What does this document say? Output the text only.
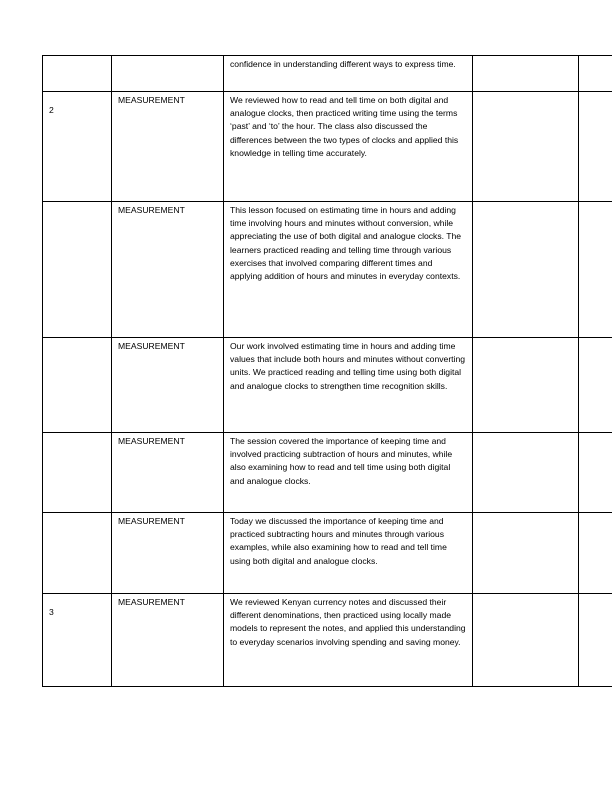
		confidence in understanding different ways to express time.		

2	MEASUREMENT	We reviewed how to read and tell time on both digital and analogue clocks, then practiced writing time using the terms ‘past’ and ‘to’ the hour. The class also discussed the differences between the two types of clocks and applied this knowledge in telling time accurately.		

	MEASUREMENT	This lesson focused on estimating time in hours and adding time involving hours and minutes without conversion, while appreciating the use of both digital and analogue clocks. The learners practiced reading and telling time through various exercises that involved comparing different times and applying addition of hours and minutes in everyday contexts.		

	MEASUREMENT	Our work involved estimating time in hours and adding time values that include both hours and minutes without converting units. We practiced reading and telling time using both digital and analogue clocks to strengthen time recognition skills.		

	MEASUREMENT	The session covered the importance of keeping time and involved practicing subtraction of hours and minutes, while also examining how to read and tell time using both digital and analogue clocks.		

	MEASUREMENT	Today we discussed the importance of keeping time and practiced subtracting hours and minutes through various examples, while also examining how to read and tell time using both digital and analogue clocks.		

3	MEASUREMENT	We reviewed Kenyan currency notes and discussed their different denominations, then practiced using locally made models to represent the notes, and applied this understanding to everyday scenarios involving spending and saving money.		
